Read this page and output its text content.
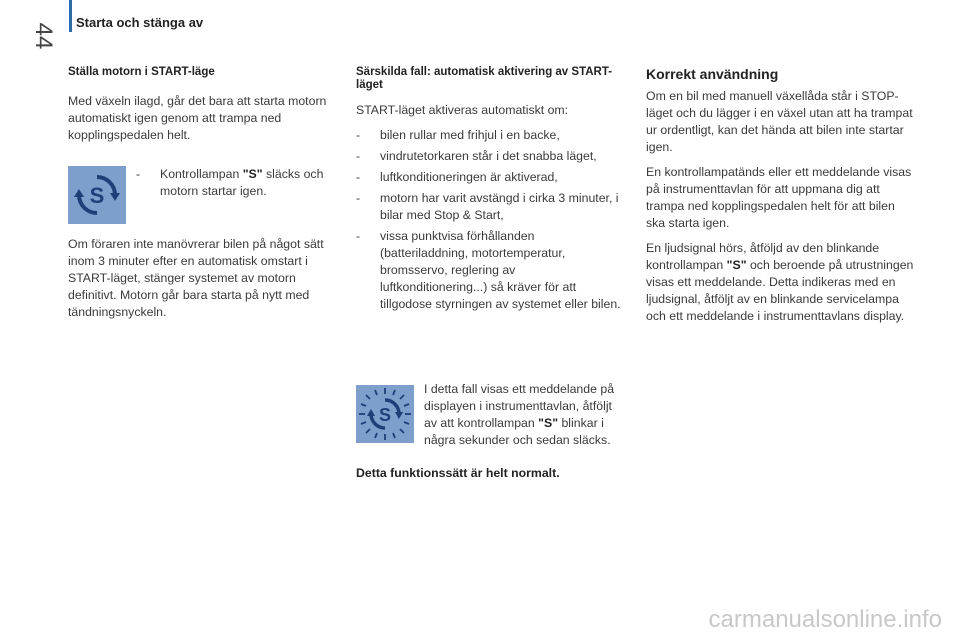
44
Starta och stänga av
Ställa motorn i START-läge

Med växeln ilagd, går det bara att starta motorn automatiskt igen genom att trampa ned kopplingspedalen helt.

S
-	Kontrollampan "S" släcks och motorn startar igen.

Om föraren inte manövrerar bilen på något sätt inom 3 minuter efter en automatisk omstart i START-läget, stänger systemet av motorn definitivt. Motorn går bara starta på nytt med tändningsnyckeln.

Särskilda fall: automatisk aktivering av START-läget

START-läget aktiveras automatiskt om:

-	bilen rullar med frihjul i en backe,
-	vindrutetorkaren står i det snabba läget,
-	luftkonditioneringen är aktiverad,
-	motorn har varit avstängd i cirka 3 minuter, i bilar med Stop & Start,
-	vissa punktvisa förhållanden (batteriladdning, motortemperatur, bromsservo, reglering av luftkonditionering...) så kräver för att tillgodose styrningen av systemet eller bilen.
S
I detta fall visas ett meddelande på displayen i instrumenttavlan, åtföljt av att kontrollampan "S" blinkar i några sekunder och sedan släcks.

Detta funktionssätt är helt normalt.

Korrekt användning

Om en bil med manuell växellåda står i STOP-läget och du lägger i en växel utan att ha trampat ur ordentligt, kan det hända att bilen inte startar igen.

En kontrollampatänds eller ett meddelande visas på instrumenttavlan för att uppmana dig att trampa ned kopplingspedalen helt för att bilen ska starta igen.

En ljudsignal hörs, åtföljd av den blinkande kontrollampan "S" och beroende på utrustningen visas ett meddelande. Detta indikeras med en ljudsignal, åtföljt av en blinkande servicelampa och ett meddelande i instrumenttavlans display.

carmanualsonline.info
